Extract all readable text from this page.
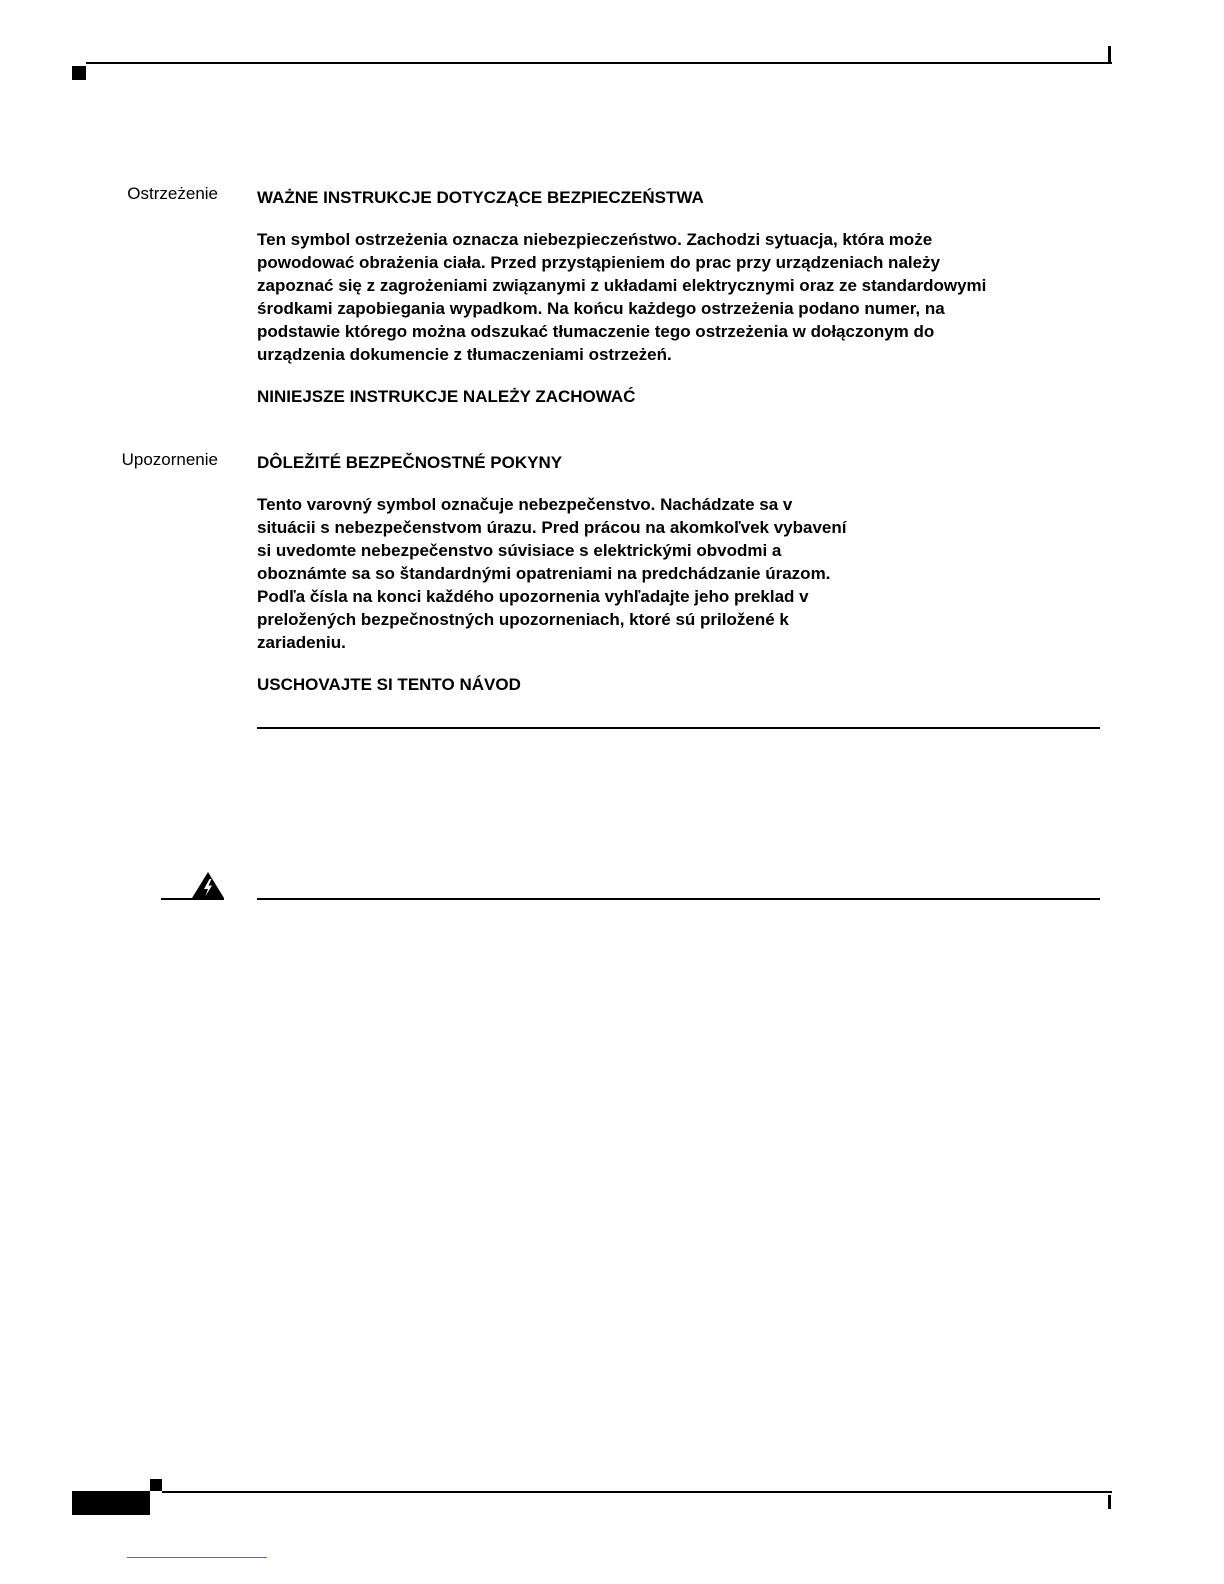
Ostrzeżenie WAŻNE INSTRUKCJE DOTYCZĄCE BEZPIECZEŃSTWA

Ten symbol ostrzeżenia oznacza niebezpieczeństwo. Zachodzi sytuacja, która może
powodować obrażenia ciała. Przed przystąpieniem do prac przy urządzeniach należy
zapoznać się z zagrożeniami związanymi z układami elektrycznymi oraz ze standardowymi
środkami zapobiegania wypadkom. Na końcu każdego ostrzeżenia podano numer, na
podstawie którego można odszukać tłumaczenie tego ostrzeżenia w dołączonym do
urządzenia dokumencie z tłumaczeniami ostrzeżeń.

NINIEJSZE INSTRUKCJE NALEŻY ZACHOWAĆ

Upozornenie DÔLEŽITÉ BEZPEČNOSTNÉ POKYNY

Tento varovný symbol označuje nebezpečenstvo. Nachádzate sa v
situácii s nebezpečenstvom úrazu. Pred prácou na akomkoľvek vybavení
si uvedomte nebezpečenstvo súvisiace s elektrickými obvodmi a
oboznámte sa so štandardnými opatreniami na predchádzanie úrazom.
Podľa čísla na konci každého upozornenia vyhľadajte jeho preklad v
preložených bezpečnostných upozorneniach, ktoré sú priložené k
zariadeniu.

USCHOVAJTE SI TENTO NÁVOD
